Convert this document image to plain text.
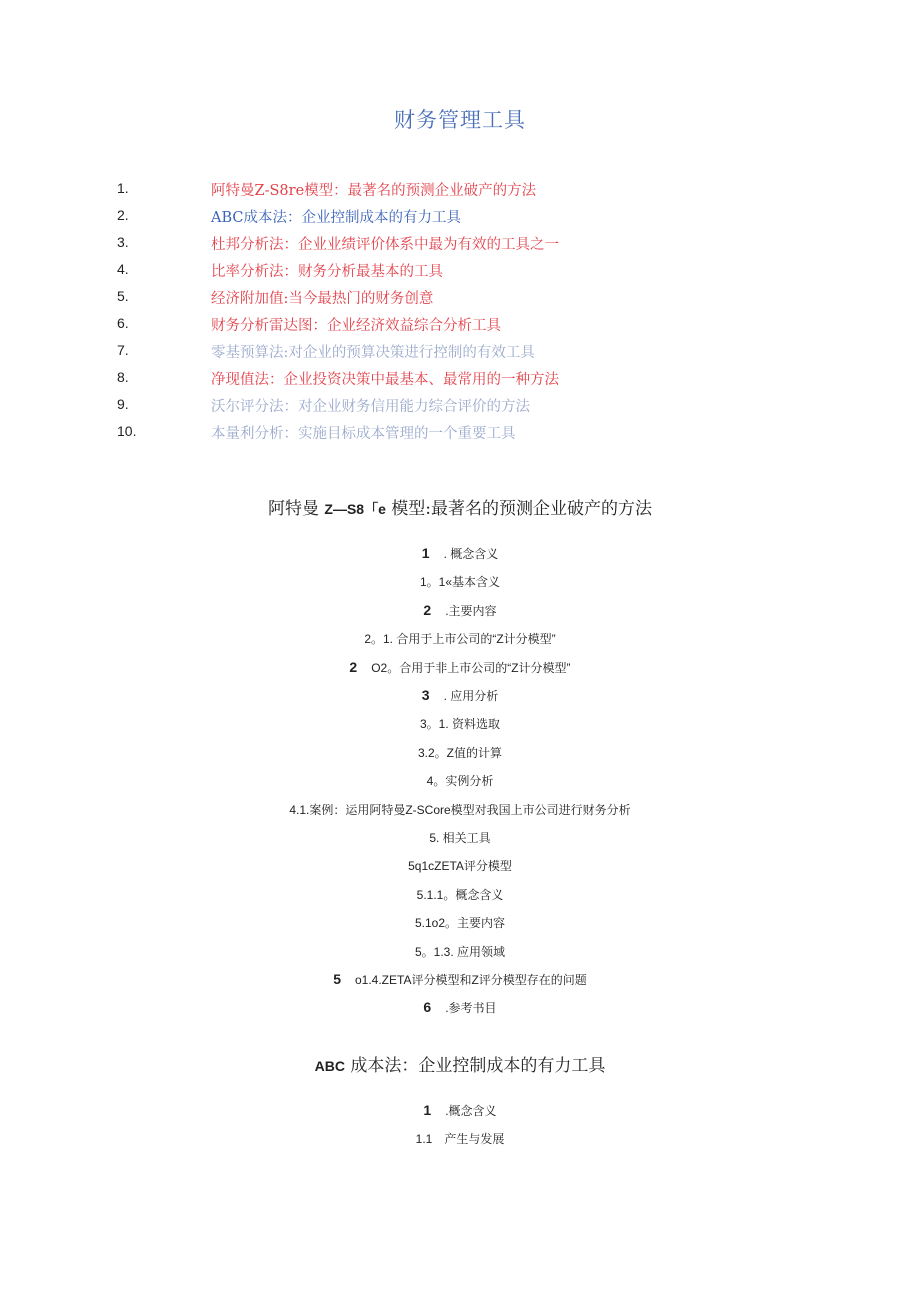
财务管理工具
1.	阿特曼Z-S8re模型：最著名的预测企业破产的方法
2.	ABC成本法：企业控制成本的有力工具
3.	杜邦分析法：企业业绩评价体系中最为有效的工具之一
4.	比率分析法：财务分析最基本的工具
5.	经济附加值:当今最热门的财务创意
6.	财务分析雷达图：企业经济效益综合分析工具
7.	零基预算法:对企业的预算决策进行控制的有效工具
8.	净现值法：企业投资决策中最基本、最常用的一种方法
9.	沃尔评分法：对企业财务信用能力综合评价的方法
10.	本量利分析：实施目标成本管理的一个重要工具
阿特曼 Z—S8「e 模型:最著名的预测企业破产的方法
1 . 概念含义
1。1«基本含义
2 .主要内容
2。1. 合用于上市公司的“Z计分模型”
2 O2。合用于非上市公司的“Z计分模型”
3 . 应用分析
3。1. 资料选取
3.2。Z值的计算
4。实例分析
4.1.案例：运用阿特曼Z-SCore模型对我国上市公司进行财务分析
5. 相关工具
5q1cZETA评分模型
5.1.1。概念含义
5.1o2。主要内容
5。1.3. 应用领域
5 o1.4.ZETA评分模型和Z评分模型存在的问题
6 .参考书目
ABC 成本法：企业控制成本的有力工具
1 .概念含义
1.1　产生与发展
